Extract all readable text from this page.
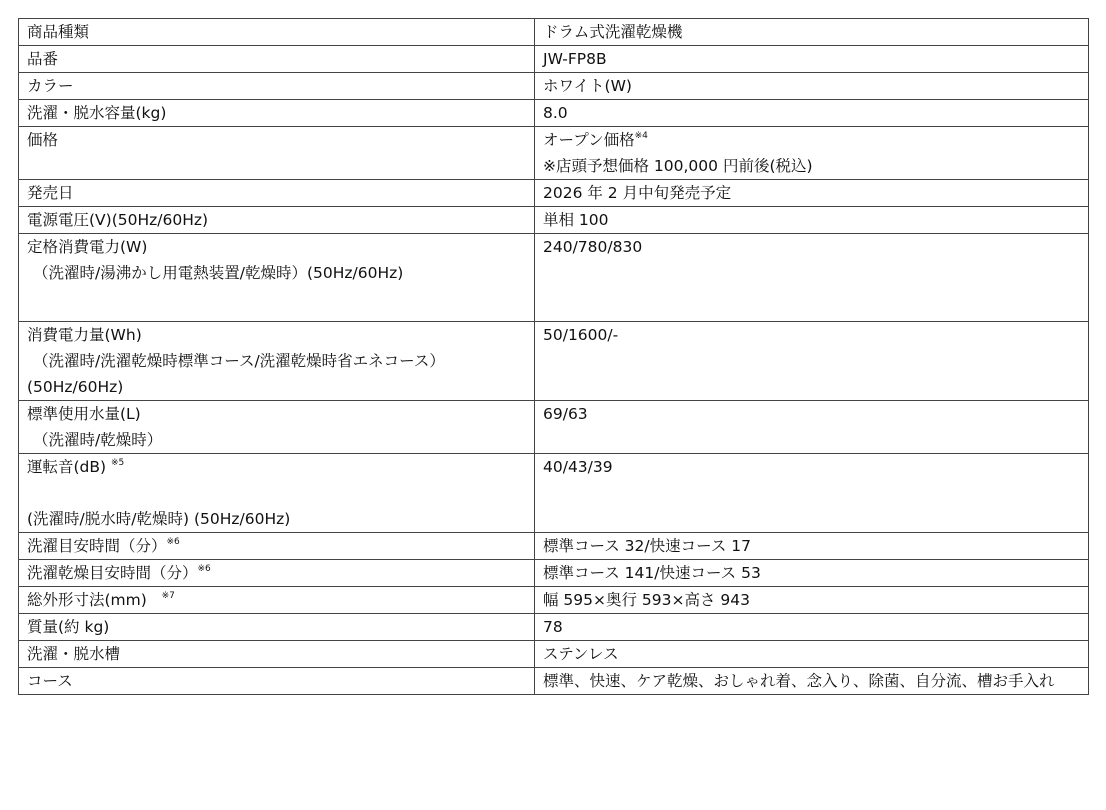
商品種類	ドラム式洗濯乾燥機

品番	JW-FP8B

カラー	ホワイト(W)

洗濯・脱水容量(kg)	8.0

価格	オープン価格$^{※4}$
※店頭予想価格 100,000 円前後(税込)

発売日	2026 年 2 月中旬発売予定

電源電圧(V)(50Hz/60Hz)	単相 100

定格消費電力(W)
（洗濯時/湯沸かし用電熱装置/乾燥時）(50Hz/60Hz)	240/780/830

消費電力量(Wh)
（洗濯時/洗濯乾燥時標準コース/洗濯乾燥時省エネコース）
(50Hz/60Hz)	50/1600/-

標準使用水量(L)
（洗濯時/乾燥時）	69/63

運転音(dB) $^{※5}$
(洗濯時/脱水時/乾燥時) (50Hz/60Hz)	40/43/39

洗濯目安時間（分）$^{※6}$	標準コース 32/快速コース 17

洗濯乾燥目安時間（分）$^{※6}$	標準コース 141/快速コース 53

総外形寸法(mm) $^{※7}$	幅 595×奥行 593×高さ 943

質量(約 kg)	78

洗濯・脱水槽	ステンレス

コース	標準、快速、ケア乾燥、おしゃれ着、念入り、除菌、自分流、槽お手入れ
